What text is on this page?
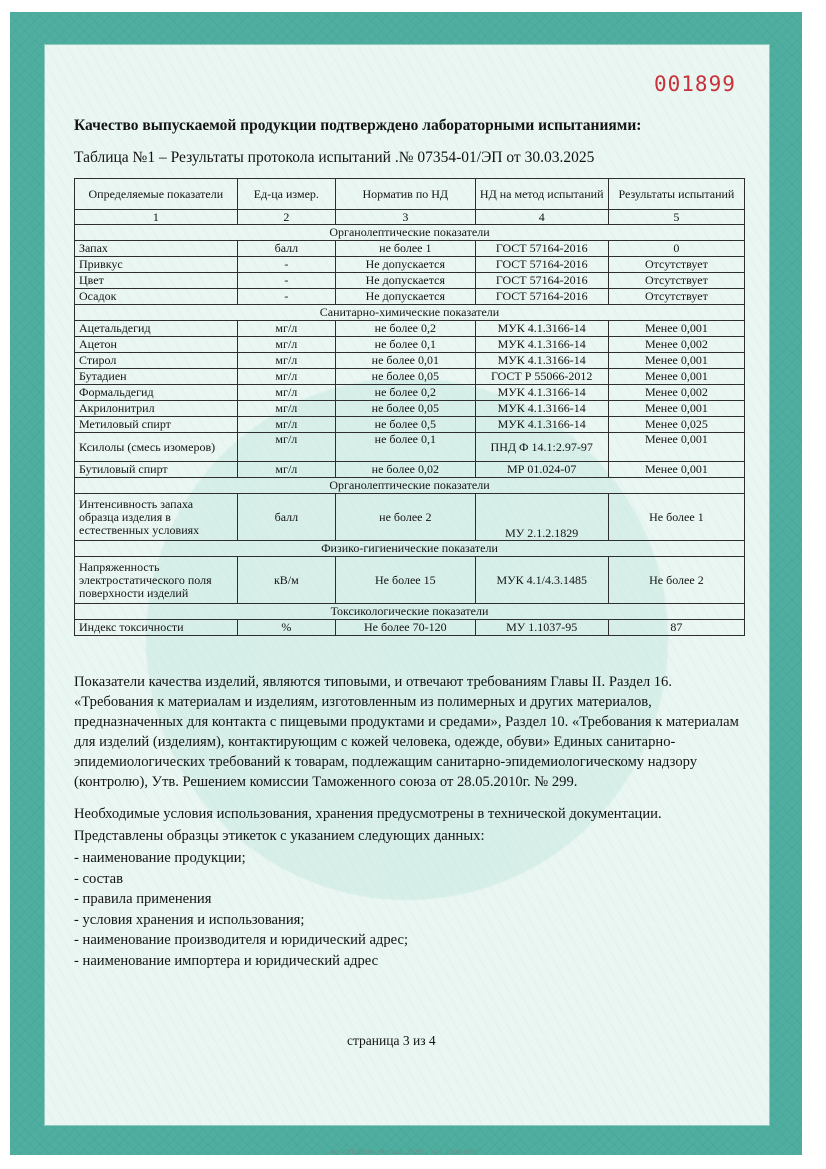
001899
Качество выпускаемой продукции подтверждено лабораторными испытаниями:
Таблица №1 – Результаты протокола испытаний .№ 07354-01/ЭП от 30.03.2025
Определяемые показатели	Ед-ца измер.	Норматив по НД	НД на метод испытаний	Результаты испытаний
1	2	3	4	5
Органолептические показатели				
Запах	балл	не более 1	ГОСТ 57164-2016	0
Привкус	-	Не допускается	ГОСТ 57164-2016	Отсутствует
Цвет	-	Не допускается	ГОСТ 57164-2016	Отсутствует
Осадок	-	Не допускается	ГОСТ 57164-2016	Отсутствует
Санитарно-химические показатели				
Ацетальдегид	мг/л	не более 0,2	МУК 4.1.3166-14	Менее 0,001
Ацетон	мг/л	не более 0,1	МУК 4.1.3166-14	Менее 0,002
Стирол	мг/л	не более 0,01	МУК 4.1.3166-14	Менее 0,001
Бутадиен	мг/л	не более 0,05	ГОСТ Р 55066-2012	Менее 0,001
Формальдегид	мг/л	не более 0,2	МУК 4.1.3166-14	Менее 0,002
Акрилонитрил	мг/л	не более 0,05	МУК 4.1.3166-14	Менее 0,001
Метиловый спирт	мг/л	не более 0,5	МУК 4.1.3166-14	Менее 0,025
Ксилолы (смесь изомеров)	мг/л	не более 0,1	ПНД Ф 14.1:2.97-97	Менее 0,001
Бутиловый спирт	мг/л	не более 0,02	МР 01.024-07	Менее 0,001
Органолептические показатели				
Интенсивность запаха образца изделия в естественных условиях	балл	не более 2	МУ 2.1.2.1829	Не более 1
Физико-гигиенические показатели				
Напряженность электростатического поля поверхности изделий	кВ/м	Не более 15	МУК 4.1/4.3.1485	Не более 2
Токсикологические показатели				
Индекс токсичности	%	Не более 70-120	МУ 1.1037-95	87
Показатели качества изделий, являются типовыми, и отвечают требованиям Главы II. Раздел 16. «Требования к материалам и изделиям, изготовленным из полимерных и других материалов, предназначенных для контакта с пищевыми продуктами и средами», Раздел 10. «Требования к материалам для изделий (изделиям), контактирующим с кожей человека, одежде, обуви» Единых санитарно-эпидемиологических требований к товарам, подлежащим санитарно-эпидемиологическому надзору (контролю), Утв. Решением комиссии Таможенного союза от 28.05.2010г. № 299.
Необходимые условия использования, хранения предусмотрены в технической документации.
Представлены образцы этикеток с указанием следующих данных:
- наименование продукции;
- состав
- правила применения
- условия хранения и использования;
- наименование производителя и юридический адрес;
- наименование импортера и юридический адрес
страница 3 из 4
АО «ОПЦИОН», Москва, 2025г., «Б», ТЗ № 0000
